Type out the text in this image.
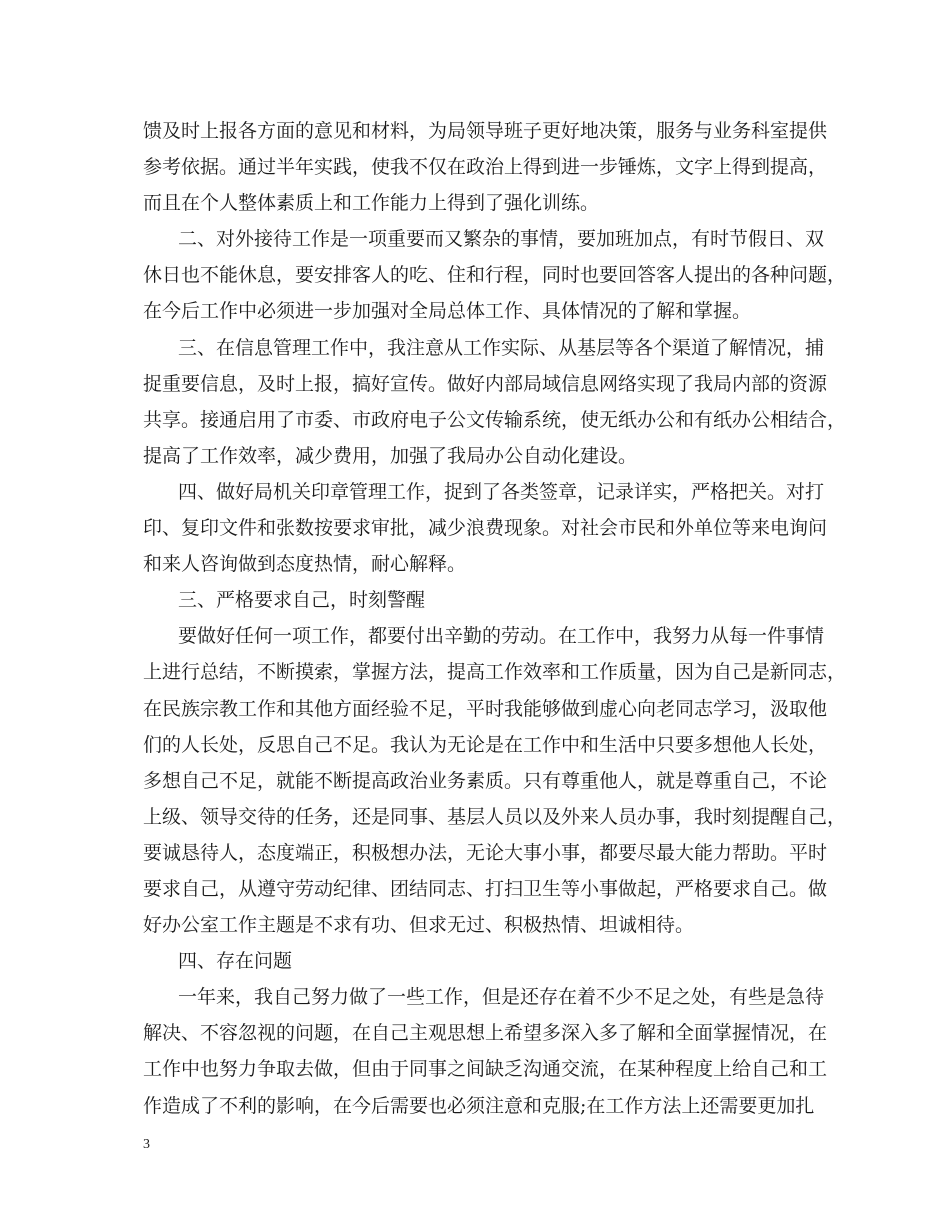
馈及时上报各方面的意见和材料，为局领导班子更好地决策，服务与业务科室提供
参考依据。通过半年实践，使我不仅在政治上得到进一步锤炼，文字上得到提高，
而且在个人整体素质上和工作能力上得到了强化训练。
二、对外接待工作是一项重要而又繁杂的事情，要加班加点，有时节假日、双
休日也不能休息，要安排客人的吃、住和行程，同时也要回答客人提出的各种问题，
在今后工作中必须进一步加强对全局总体工作、具体情况的了解和掌握。
三、在信息管理工作中，我注意从工作实际、从基层等各个渠道了解情况，捕
捉重要信息，及时上报，搞好宣传。做好内部局域信息网络实现了我局内部的资源
共享。接通启用了市委、市政府电子公文传输系统，使无纸办公和有纸办公相结合，
提高了工作效率，减少费用，加强了我局办公自动化建设。
四、做好局机关印章管理工作，捉到了各类签章，记录详实，严格把关。对打
印、复印文件和张数按要求审批，减少浪费现象。对社会市民和外单位等来电询问
和来人咨询做到态度热情，耐心解释。
三、严格要求自己，时刻警醒
要做好任何一项工作，都要付出辛勤的劳动。在工作中，我努力从每一件事情
上进行总结，不断摸索，掌握方法，提高工作效率和工作质量，因为自己是新同志，
在民族宗教工作和其他方面经验不足，平时我能够做到虚心向老同志学习，汲取他
们的人长处，反思自己不足。我认为无论是在工作中和生活中只要多想他人长处，
多想自己不足，就能不断提高政治业务素质。只有尊重他人，就是尊重自己，不论
上级、领导交待的任务，还是同事、基层人员以及外来人员办事，我时刻提醒自己，
要诚恳待人，态度端正，积极想办法，无论大事小事，都要尽最大能力帮助。平时
要求自己，从遵守劳动纪律、团结同志、打扫卫生等小事做起，严格要求自己。做
好办公室工作主题是不求有功、但求无过、积极热情、坦诚相待。
四、存在问题
一年来，我自己努力做了一些工作，但是还存在着不少不足之处，有些是急待
解决、不容忽视的问题，在自己主观思想上希望多深入多了解和全面掌握情况，在
工作中也努力争取去做，但由于同事之间缺乏沟通交流，在某种程度上给自己和工
作造成了不利的影响，在今后需要也必须注意和克服;在工作方法上还需要更加扎
3
